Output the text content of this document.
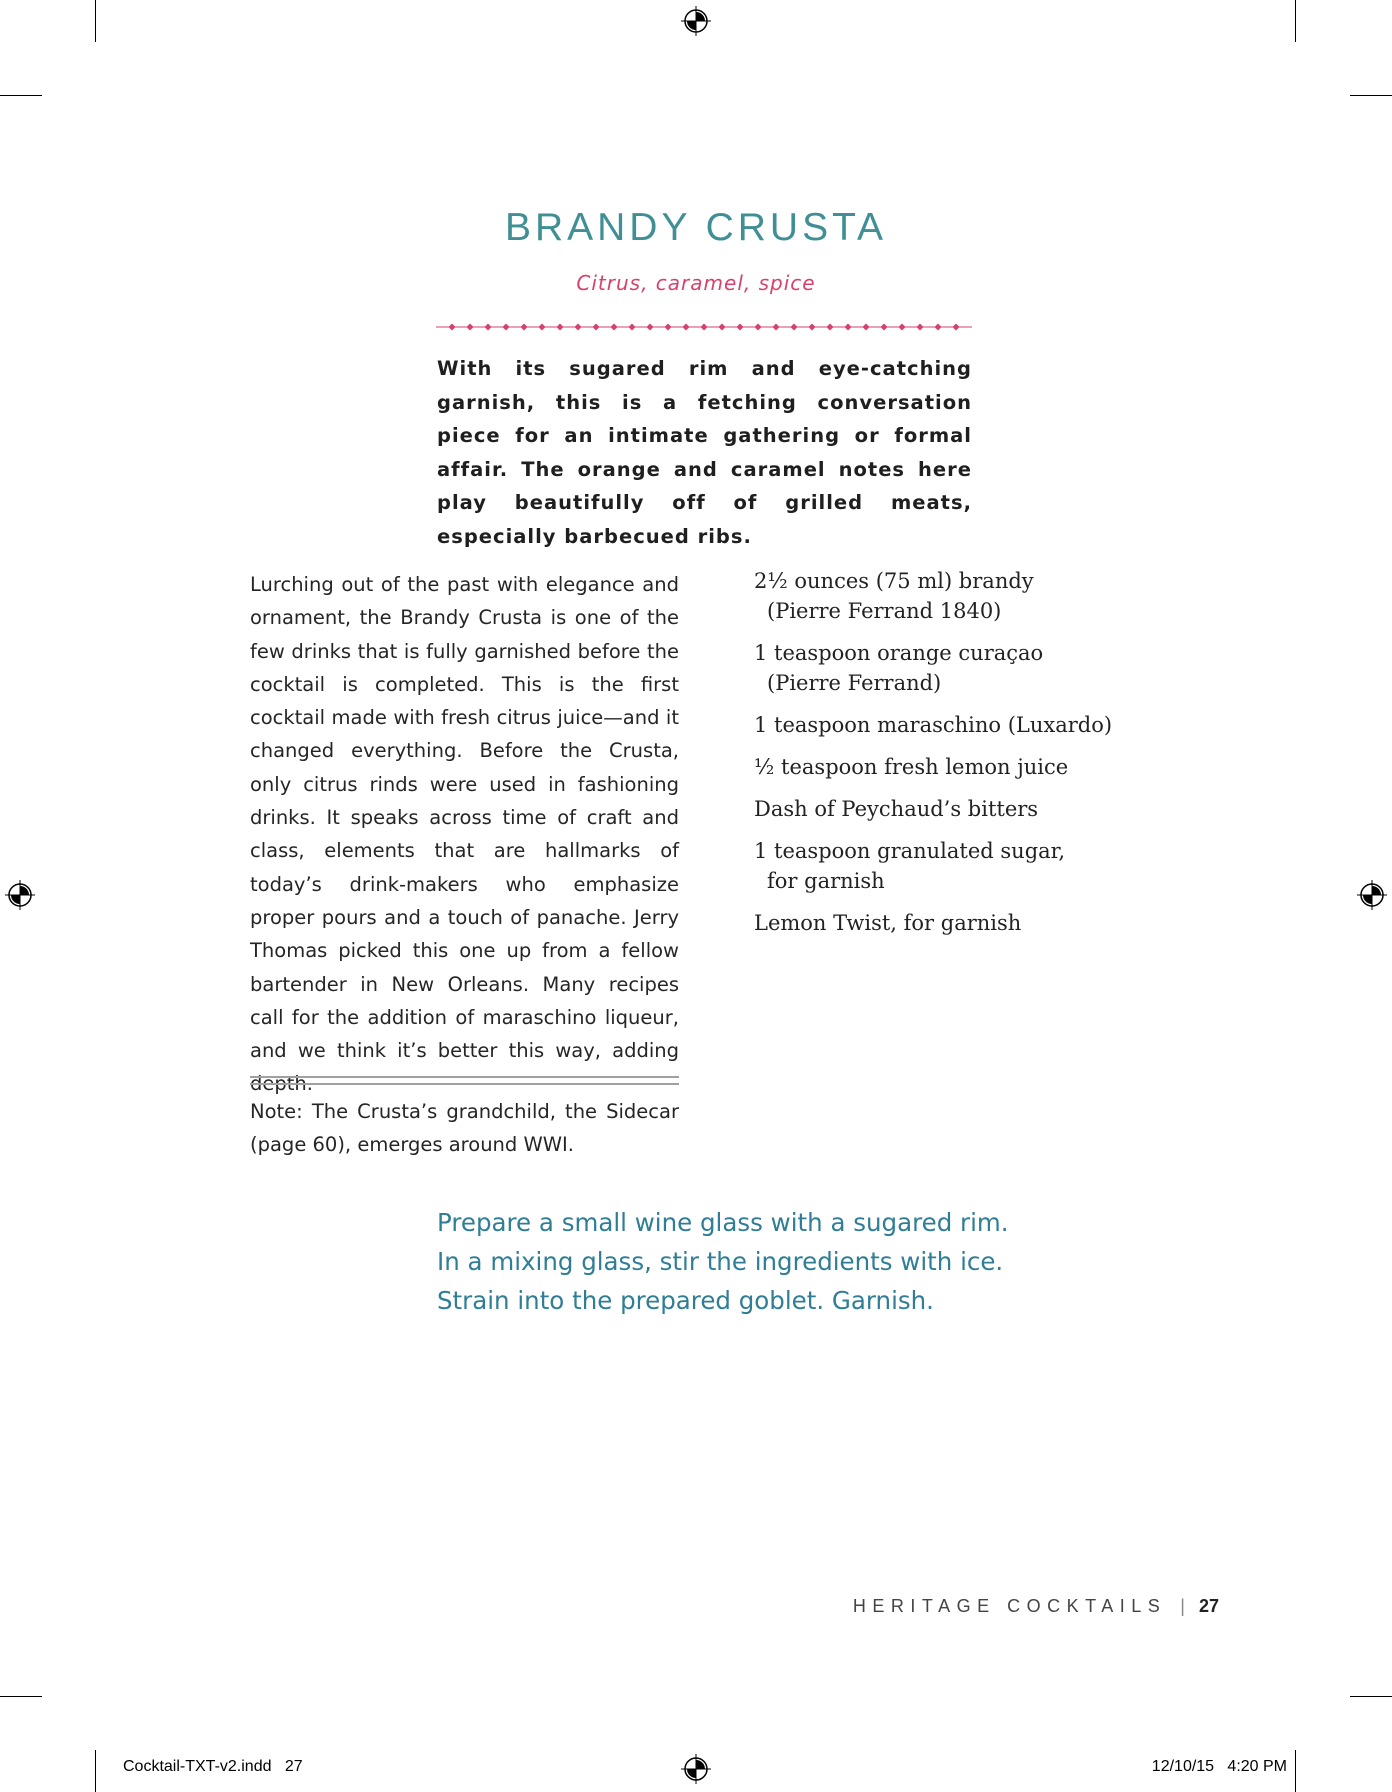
BRANDY CRUSTA
Citrus, caramel, spice
With its sugared rim and eye-catching garnish, this is a fetching conversation piece for an intimate gathering or formal affair. The orange and caramel notes here play beautifully off of grilled meats, especially barbecued ribs.
Lurching out of the past with elegance and ornament, the Brandy Crusta is one of the few drinks that is fully garnished before the cocktail is completed. This is the first cocktail made with fresh citrus juice—and it changed everything. Before the Crusta, only citrus rinds were used in fashioning drinks. It speaks across time of craft and class, elements that are hallmarks of today’s drink-makers who emphasize proper pours and a touch of panache. Jerry Thomas picked this one up from a fellow bartender in New Orleans. Many recipes call for the addition of maraschino liqueur, and we think it’s better this way, adding depth.
Note: The Crusta’s grandchild, the Sidecar (page 60), emerges around WWI.
2½ ounces (75 ml) brandy
(Pierre Ferrand 1840)
1 teaspoon orange curaçao
(Pierre Ferrand)
1 teaspoon maraschino (Luxardo)
½ teaspoon fresh lemon juice
Dash of Peychaud’s bitters
1 teaspoon granulated sugar,
for garnish
Lemon Twist, for garnish
Prepare a small wine glass with a sugared rim.
In a mixing glass, stir the ingredients with ice.
Strain into the prepared goblet. Garnish.
HERITAGE COCKTAILS | 27
Cocktail-TXT-v2.indd   27	12/10/15   4:20 PM
